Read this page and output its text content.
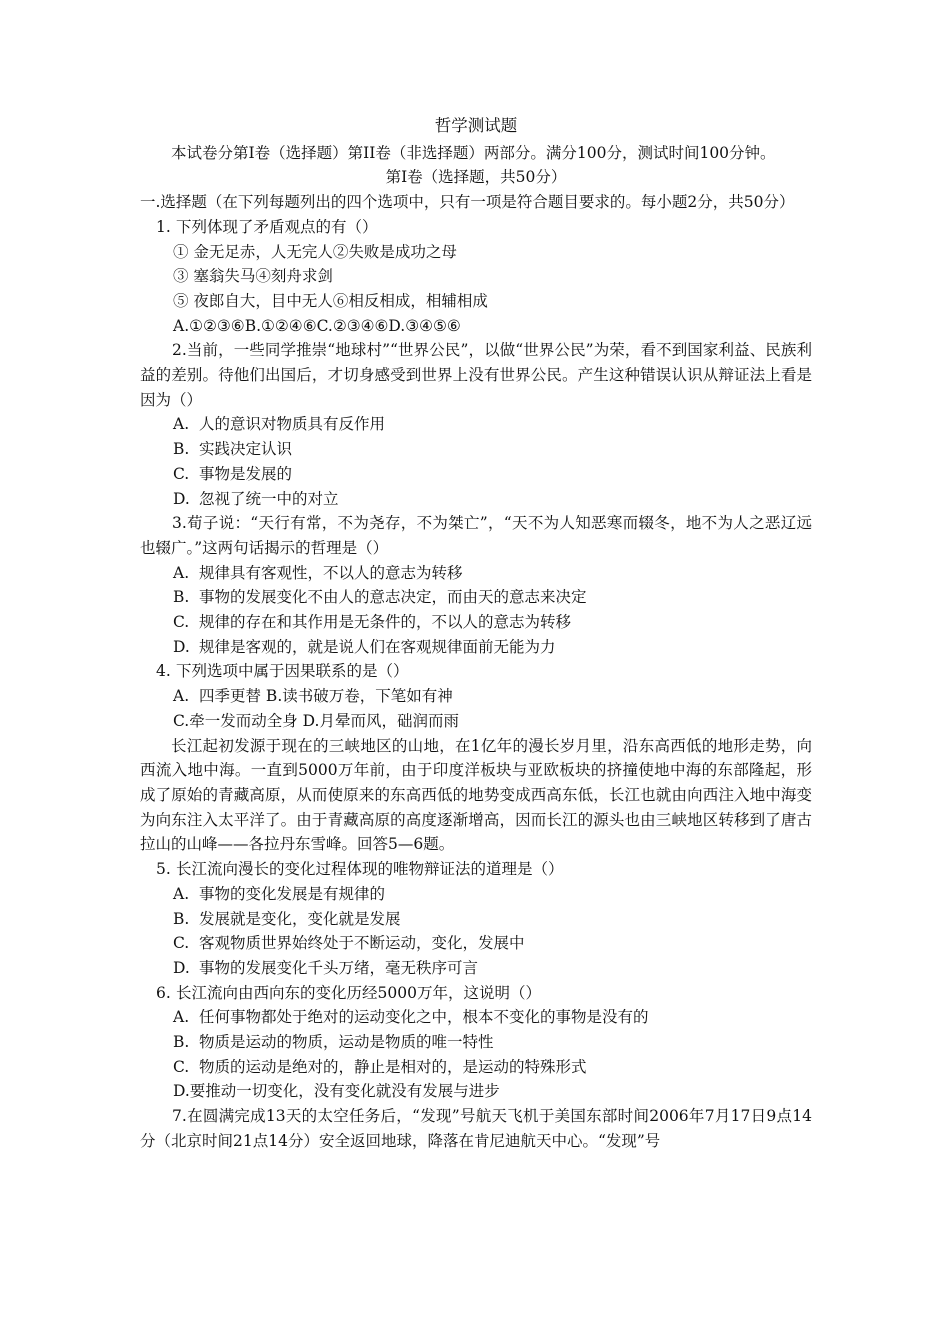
哲学测试题
本试卷分第I卷（选择题）第II卷（非选择题）两部分。满分100分，测试时间100分钟。
第I卷（选择题，共50分）
一.选择题（在下列每题列出的四个选项中，只有一项是符合题目要求的。每小题2分，共50分）
1. 下列体现了矛盾观点的有（）
① 金无足赤，人无完人②失败是成功之母
③ 塞翁失马④刻舟求剑
⑤ 夜郎自大，目中无人⑥相反相成，相辅相成
A.①②③⑥B.①②④⑥C.②③④⑥D.③④⑤⑥
2.当前，一些同学推崇“地球村”“世界公民”，以做“世界公民”为荣，看不到国家利益、民族利益的差别。待他们出国后，才切身感受到世界上没有世界公民。产生这种错误认识从辩证法上看是因为（）
A. 人的意识对物质具有反作用
B. 实践决定认识
C. 事物是发展的
D. 忽视了统一中的对立
3.荀子说：“天行有常，不为尧存，不为桀亡”，“天不为人知恶寒而辍冬，地不为人之恶辽远也辍广。”这两句话揭示的哲理是（）
A. 规律具有客观性，不以人的意志为转移
B. 事物的发展变化不由人的意志决定，而由天的意志来决定
C. 规律的存在和其作用是无条件的，不以人的意志为转移
D. 规律是客观的，就是说人们在客观规律面前无能为力
4. 下列选项中属于因果联系的是（）
A. 四季更替 B.读书破万卷，下笔如有神
C.牵一发而动全身 D.月晕而风，础润而雨
长江起初发源于现在的三峡地区的山地，在1亿年的漫长岁月里，沿东高西低的地形走势，向西流入地中海。一直到5000万年前，由于印度洋板块与亚欧板块的挤撞使地中海的东部隆起，形成了原始的青藏高原，从而使原来的东高西低的地势变成西高东低，长江也就由向西注入地中海变为向东注入太平洋了。由于青藏高原的高度逐渐增高，因而长江的源头也由三峡地区转移到了唐古拉山的山峰——各拉丹东雪峰。回答5—6题。
5. 长江流向漫长的变化过程体现的唯物辩证法的道理是（）
A. 事物的变化发展是有规律的
B. 发展就是变化，变化就是发展
C. 客观物质世界始终处于不断运动，变化，发展中
D. 事物的发展变化千头万绪，毫无秩序可言
6. 长江流向由西向东的变化历经5000万年，这说明（）
A. 任何事物都处于绝对的运动变化之中，根本不变化的事物是没有的
B. 物质是运动的物质，运动是物质的唯一特性
C. 物质的运动是绝对的，静止是相对的，是运动的特殊形式
D.要推动一切变化，没有变化就没有发展与进步
7.在圆满完成13天的太空任务后，“发现”号航天飞机于美国东部时间2006年7月17日9点14分（北京时间21点14分）安全返回地球，降落在肯尼迪航天中心。“发现”号
